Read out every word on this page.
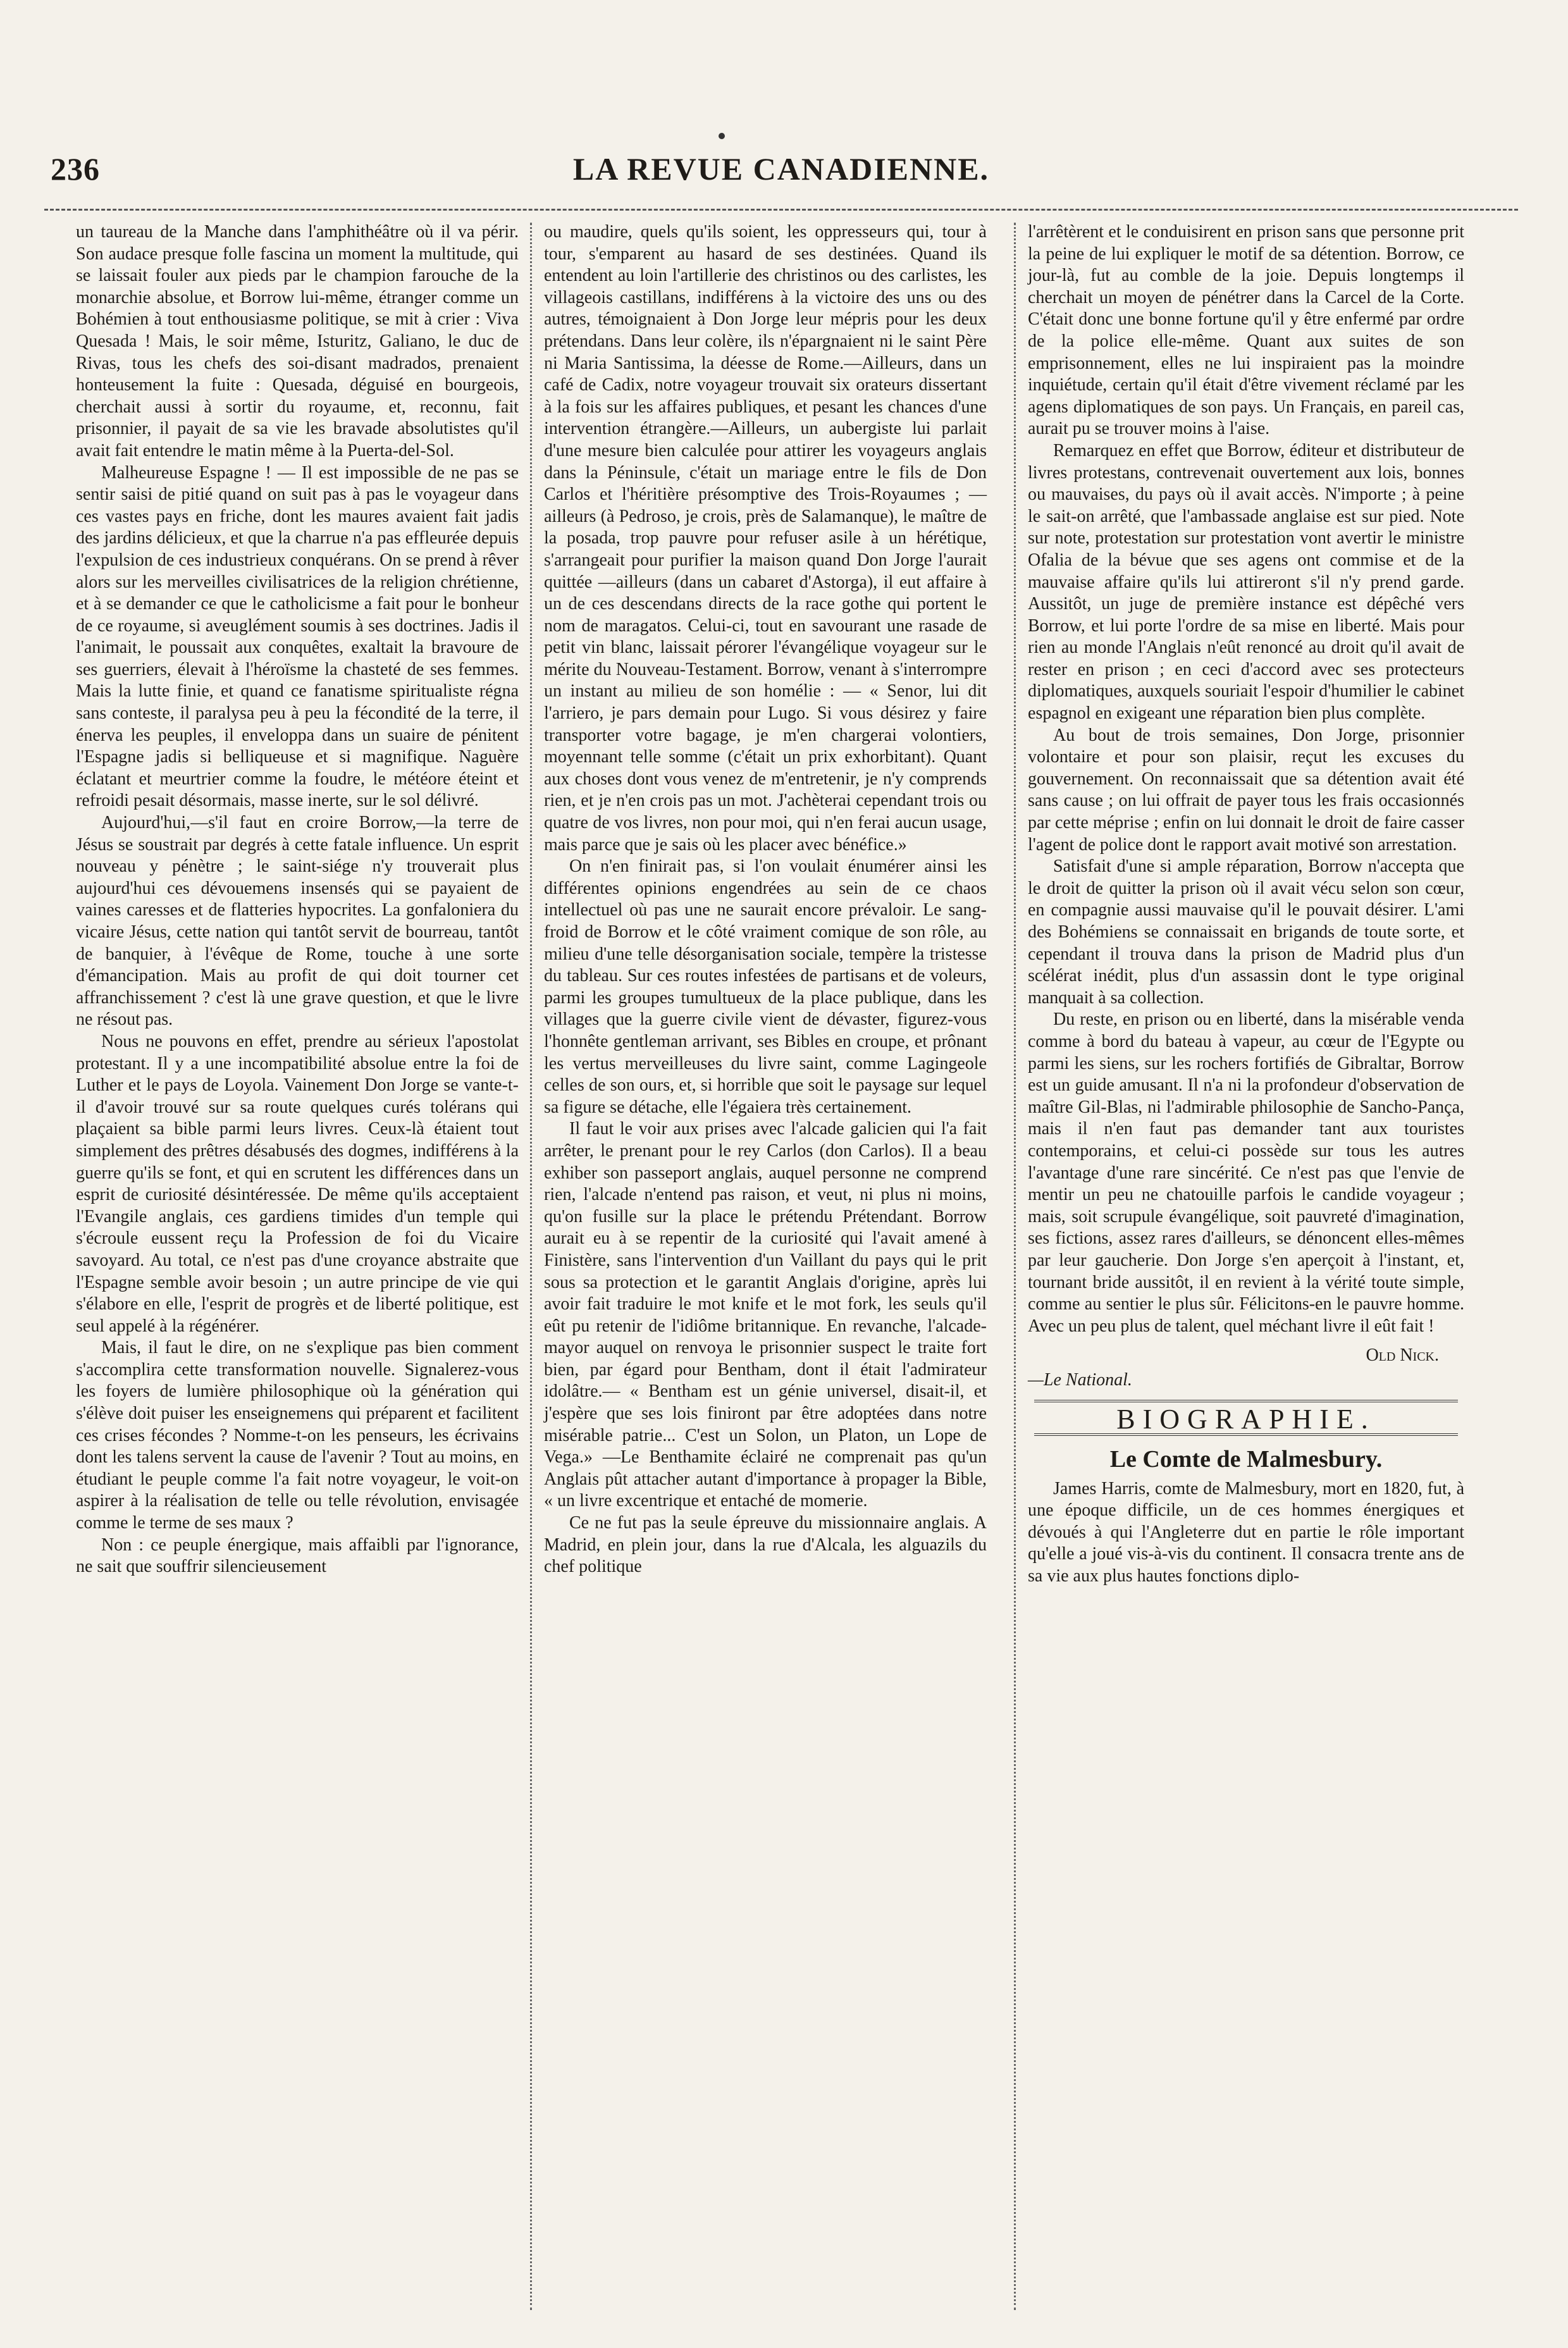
236	LA REVUE CANADIENNE.

un taureau de la Manche dans l'amphithéâtre où il va périr. Son audace presque folle fascina un moment la multitude, qui se laissait fouler aux pieds par le champion farouche de la monarchie absolue, et Borrow lui-même, étranger comme un Bohémien à tout enthousiasme politique, se mit à crier : Viva Quesada ! Mais, le soir même, Isturitz, Galiano, le duc de Rivas, tous les chefs des soi-disant madrados, prenaient honteusement la fuite : Quesada, déguisé en bourgeois, cherchait aussi à sortir du royaume, et, reconnu, fait prisonnier, il payait de sa vie les bravade absolutistes qu'il avait fait entendre le matin même à la Puerta-del-Sol.

Malheureuse Espagne ! — Il est impossible de ne pas se sentir saisi de pitié quand on suit pas à pas le voyageur dans ces vastes pays en friche, dont les maures avaient fait jadis des jardins délicieux, et que la charrue n'a pas effleurée depuis l'expulsion de ces industrieux conquérans. On se prend à rêver alors sur les merveilles civilisatrices de la religion chrétienne, et à se demander ce que le catholicisme a fait pour le bonheur de ce royaume, si aveuglément soumis à ses doctrines. Jadis il l'animait, le poussait aux conquêtes, exaltait la bravoure de ses guerriers, élevait à l'héroïsme la chasteté de ses femmes. Mais la lutte finie, et quand ce fanatisme spiritualiste régna sans conteste, il paralysa peu à peu la fécondité de la terre, il énerva les peuples, il enveloppa dans un suaire de pénitent l'Espagne jadis si belliqueuse et si magnifique. Naguère éclatant et meurtrier comme la foudre, le météore éteint et refroidi pesait désormais, masse inerte, sur le sol délivré.

Aujourd'hui,—s'il faut en croire Borrow,—la terre de Jésus se soustrait par degrés à cette fatale influence. Un esprit nouveau y pénètre ; le saint-siége n'y trouverait plus aujourd'hui ces dévouemens insensés qui se payaient de vaines caresses et de flatteries hypocrites. La gonfaloniera du vicaire Jésus, cette nation qui tantôt servit de bourreau, tantôt de banquier, à l'évêque de Rome, touche à une sorte d'émancipation. Mais au profit de qui doit tourner cet affranchissement ? c'est là une grave question, et que le livre ne résout pas.

Nous ne pouvons en effet, prendre au sérieux l'apostolat protestant. Il y a une incompatibilité absolue entre la foi de Luther et le pays de Loyola. Vainement Don Jorge se vante-t-il d'avoir trouvé sur sa route quelques curés tolérans qui plaçaient sa bible parmi leurs livres. Ceux-là étaient tout simplement des prêtres désabusés des dogmes, indifférens à la guerre qu'ils se font, et qui en scrutent les différences dans un esprit de curiosité désintéressée. De même qu'ils acceptaient l'Evangile anglais, ces gardiens timides d'un temple qui s'écroule eussent reçu la Profession de foi du Vicaire savoyard. Au total, ce n'est pas d'une croyance abstraite que l'Espagne semble avoir besoin ; un autre principe de vie qui s'élabore en elle, l'esprit de progrès et de liberté politique, est seul appelé à la régénérer.

Mais, il faut le dire, on ne s'explique pas bien comment s'accomplira cette transformation nouvelle. Signalerez-vous les foyers de lumière philosophique où la génération qui s'élève doit puiser les enseignemens qui préparent et facilitent ces crises fécondes ? Nomme-t-on les penseurs, les écrivains dont les talens servent la cause de l'avenir ? Tout au moins, en étudiant le peuple comme l'a fait notre voyageur, le voit-on aspirer à la réalisation de telle ou telle révolution, envisagée comme le terme de ses maux ?

Non : ce peuple énergique, mais affaibli par l'ignorance, ne sait que souffrir silencieusement

ou maudire, quels qu'ils soient, les oppresseurs qui, tour à tour, s'emparent au hasard de ses destinées. Quand ils entendent au loin l'artillerie des christinos ou des carlistes, les villageois castillans, indifférens à la victoire des uns ou des autres, témoignaient à Don Jorge leur mépris pour les deux prétendans. Dans leur colère, ils n'épargnaient ni le saint Père ni Maria Santissima, la déesse de Rome.—Ailleurs, dans un café de Cadix, notre voyageur trouvait six orateurs dissertant à la fois sur les affaires publiques, et pesant les chances d'une intervention étrangère.—Ailleurs, un aubergiste lui parlait d'une mesure bien calculée pour attirer les voyageurs anglais dans la Péninsule, c'était un mariage entre le fils de Don Carlos et l'héritière présomptive des Trois-Royaumes ; —ailleurs (à Pedroso, je crois, près de Salamanque), le maître de la posada, trop pauvre pour refuser asile à un hérétique, s'arrangeait pour purifier la maison quand Don Jorge l'aurait quittée —ailleurs (dans un cabaret d'Astorga), il eut affaire à un de ces descendans directs de la race gothe qui portent le nom de maragatos. Celui-ci, tout en savourant une rasade de petit vin blanc, laissait pérorer l'évangélique voyageur sur le mérite du Nouveau-Testament. Borrow, venant à s'interrompre un instant au milieu de son homélie : — « Senor, lui dit l'arriero, je pars demain pour Lugo. Si vous désirez y faire transporter votre bagage, je m'en chargerai volontiers, moyennant telle somme (c'était un prix exhorbitant). Quant aux choses dont vous venez de m'entretenir, je n'y comprends rien, et je n'en crois pas un mot. J'achèterai cependant trois ou quatre de vos livres, non pour moi, qui n'en ferai aucun usage, mais parce que je sais où les placer avec bénéfice.»

On n'en finirait pas, si l'on voulait énumérer ainsi les différentes opinions engendrées au sein de ce chaos intellectuel où pas une ne saurait encore prévaloir. Le sang-froid de Borrow et le côté vraiment comique de son rôle, au milieu d'une telle désorganisation sociale, tempère la tristesse du tableau. Sur ces routes infestées de partisans et de voleurs, parmi les groupes tumultueux de la place publique, dans les villages que la guerre civile vient de dévaster, figurez-vous l'honnête gentleman arrivant, ses Bibles en croupe, et prônant les vertus merveilleuses du livre saint, comme Lagingeole celles de son ours, et, si horrible que soit le paysage sur lequel sa figure se détache, elle l'égaiera très certainement.

Il faut le voir aux prises avec l'alcade galicien qui l'a fait arrêter, le prenant pour le rey Carlos (don Carlos). Il a beau exhiber son passeport anglais, auquel personne ne comprend rien, l'alcade n'entend pas raison, et veut, ni plus ni moins, qu'on fusille sur la place le prétendu Prétendant. Borrow aurait eu à se repentir de la curiosité qui l'avait amené à Finistère, sans l'intervention d'un Vaillant du pays qui le prit sous sa protection et le garantit Anglais d'origine, après lui avoir fait traduire le mot knife et le mot fork, les seuls qu'il eût pu retenir de l'idiôme britannique. En revanche, l'alcade-mayor auquel on renvoya le prisonnier suspect le traite fort bien, par égard pour Bentham, dont il était l'admirateur idolâtre.— « Bentham est un génie universel, disait-il, et j'espère que ses lois finiront par être adoptées dans notre misérable patrie... C'est un Solon, un Platon, un Lope de Vega.» —Le Benthamite éclairé ne comprenait pas qu'un Anglais pût attacher autant d'importance à propager la Bible, « un livre excentrique et entaché de momerie.

Ce ne fut pas la seule épreuve du missionnaire anglais. A Madrid, en plein jour, dans la rue d'Alcala, les alguazils du chef politique

l'arrêtèrent et le conduisirent en prison sans que personne prit la peine de lui expliquer le motif de sa détention. Borrow, ce jour-là, fut au comble de la joie. Depuis longtemps il cherchait un moyen de pénétrer dans la Carcel de la Corte. C'était donc une bonne fortune qu'il y être enfermé par ordre de la police elle-même. Quant aux suites de son emprisonnement, elles ne lui inspiraient pas la moindre inquiétude, certain qu'il était d'être vivement réclamé par les agens diplomatiques de son pays. Un Français, en pareil cas, aurait pu se trouver moins à l'aise.

Remarquez en effet que Borrow, éditeur et distributeur de livres protestans, contrevenait ouvertement aux lois, bonnes ou mauvaises, du pays où il avait accès. N'importe ; à peine le sait-on arrêté, que l'ambassade anglaise est sur pied. Note sur note, protestation sur protestation vont avertir le ministre Ofalia de la bévue que ses agens ont commise et de la mauvaise affaire qu'ils lui attireront s'il n'y prend garde. Aussitôt, un juge de première instance est dépêché vers Borrow, et lui porte l'ordre de sa mise en liberté. Mais pour rien au monde l'Anglais n'eût renoncé au droit qu'il avait de rester en prison ; en ceci d'accord avec ses protecteurs diplomatiques, auxquels souriait l'espoir d'humilier le cabinet espagnol en exigeant une réparation bien plus complète.

Au bout de trois semaines, Don Jorge, prisonnier volontaire et pour son plaisir, reçut les excuses du gouvernement. On reconnaissait que sa détention avait été sans cause ; on lui offrait de payer tous les frais occasionnés par cette méprise ; enfin on lui donnait le droit de faire casser l'agent de police dont le rapport avait motivé son arrestation.

Satisfait d'une si ample réparation, Borrow n'accepta que le droit de quitter la prison où il avait vécu selon son cœur, en compagnie aussi mauvaise qu'il le pouvait désirer. L'ami des Bohémiens se connaissait en brigands de toute sorte, et cependant il trouva dans la prison de Madrid plus d'un scélérat inédit, plus d'un assassin dont le type original manquait à sa collection.

Du reste, en prison ou en liberté, dans la misérable venda comme à bord du bateau à vapeur, au cœur de l'Egypte ou parmi les siens, sur les rochers fortifiés de Gibraltar, Borrow est un guide amusant. Il n'a ni la profondeur d'observation de maître Gil-Blas, ni l'admirable philosophie de Sancho-Pança, mais il n'en faut pas demander tant aux touristes contemporains, et celui-ci possède sur tous les autres l'avantage d'une rare sincérité. Ce n'est pas que l'envie de mentir un peu ne chatouille parfois le candide voyageur ; mais, soit scrupule évangélique, soit pauvreté d'imagination, ses fictions, assez rares d'ailleurs, se dénoncent elles-mêmes par leur gaucherie. Don Jorge s'en aperçoit à l'instant, et, tournant bride aussitôt, il en revient à la vérité toute simple, comme au sentier le plus sûr. Félicitons-en le pauvre homme. Avec un peu plus de talent, quel méchant livre il eût fait !

Old Nick.
—Le National.
BIOGRAPHIE.
Le Comte de Malmesbury.

James Harris, comte de Malmesbury, mort en 1820, fut, à une époque difficile, un de ces hommes énergiques et dévoués à qui l'Angleterre dut en partie le rôle important qu'elle a joué vis-à-vis du continent. Il consacra trente ans de sa vie aux plus hautes fonctions diplo-
